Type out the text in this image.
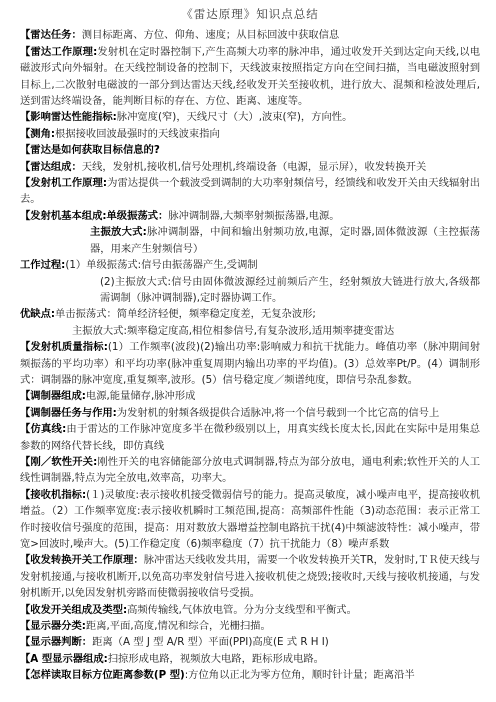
《雷达原理》知识点总结

【雷达任务：测目标距离、方位、仰角、速度；从目标回波中获取信息

【雷达工作原理:发射机在定时器控制下,产生高频大功率的脉冲串，通过收发开关到达定向天线,以电磁波形式向外辐射。在天线控制设备的控制下，天线波束按照指定方向在空间扫描，当电磁波照射到目标上,二次散射电磁波的一部分到达雷达天线,经收发开关至接收机，进行放大、混频和检波处理后,送到雷达终端设备，能判断目标的存在、方位、距离、速度等。

【影响雷达性能指标:脉冲宽度(窄)，天线尺寸（大）,波束(窄)，方向性。

【测角:根据接收回波最强时的天线波束指向

【雷达是如何获取目标信息的?

【雷达组成：天线，发射机,接收机,信号处理机,终端设备（电源，显示屏），收发转换开关

【发射机工作原理:为雷达提供一个载波受到调制的大功率射频信号，经馈线和收发开关由天线辐射出去。

【发射机基本组成:单级振荡式：脉冲调制器,大频率射频振荡器,电源。

主振放大式:脉冲调制器，中间和输出射频功放,电源，定时器,固体微波源（主控振荡器，用来产生射频信号）

工作过程:(1）单级振荡式:信号由振荡器产生,受调制

(2)主振放大式:信号由固体微波源经过前频后产生，经射频放大链进行放大,各级都需调制（脉冲调制器),定时器协调工作。

优缺点:单击振荡式：简单经济轻便，频率稳定度差，无复杂波形;

主振放大式:频率稳定度高,相位相参信号,有复杂波形,适用频率捷变雷达

【发射机质量指标:(1）工作频率(波段)(2)输出功率:影响威力和抗干扰能力。峰值功率（脉冲期间射频振荡的平均功率）和平均功率(脉冲重复周期内输出功率的平均值)。(3）总效率Pt/P。(4）调制形式：调制器的脉冲宽度,重复频率,波形。(5）信号稳定度／频谱纯度，即信号杂乱参数。

【调制器组成:电源,能量储存,脉冲形成

【调制器任务与作用:为发射机的射频各级提供合适脉冲,将一个信号载到一个比它高的信号上

【仿真线:由于雷达的工作脉冲宽度多半在微秒级别以上，用真实线长度太长,因此在实际中是用集总参数的网络代替长线，即仿真线

【刚／软性开关:刚性开关的电容储能部分放电式调制器,特点为部分放电，通电利索;软性开关的人工线性调制器,特点为完全放电,效率高，功率大。

【接收机指标:(１)灵敏度:表示接收机接受微弱信号的能力。提高灵敏度，减小噪声电平，提高接收机增益。（2）工作频率宽度:表示接收机瞬时工频范围,提高：高频部件性能（3)动态范围：表示正常工作时接收信号强度的范围，提高：用对数放大器增益控制电路抗干扰(4)中频滤波特性：减小噪声，带宽>回波时,噪声大。(5)工作稳定度（6)频率稳度（7）抗干扰能力（8）噪声系数

【收发转换开关工作原理：脉冲雷达天线收发共用，需要一个收发转换开关TR，发射时,ＴＲ使天线与发射机接通,与接收机断开,以免高功率发射信号进入接收机使之烧毁;接收时,天线与接收机接通，与发射机断开,以免因发射机旁路而使微弱接收信号受损。

【收发开关组成及类型:高频传输线,气体放电管。分为分支线型和平衡式。

【显示器分类:距离,平面,高度,情况和综合，光栅扫描。

【显示器判断：距离（A 型 J 型 A/R 型）平面(PPI)高度(E 式 R H I)

【A 型显示器组成:扫掠形成电路，视频放大电路，距标形成电路。

【怎样读取目标方位距离参数(P 型):方位角以正北为零方位角，顺时针计量；距离沿半
